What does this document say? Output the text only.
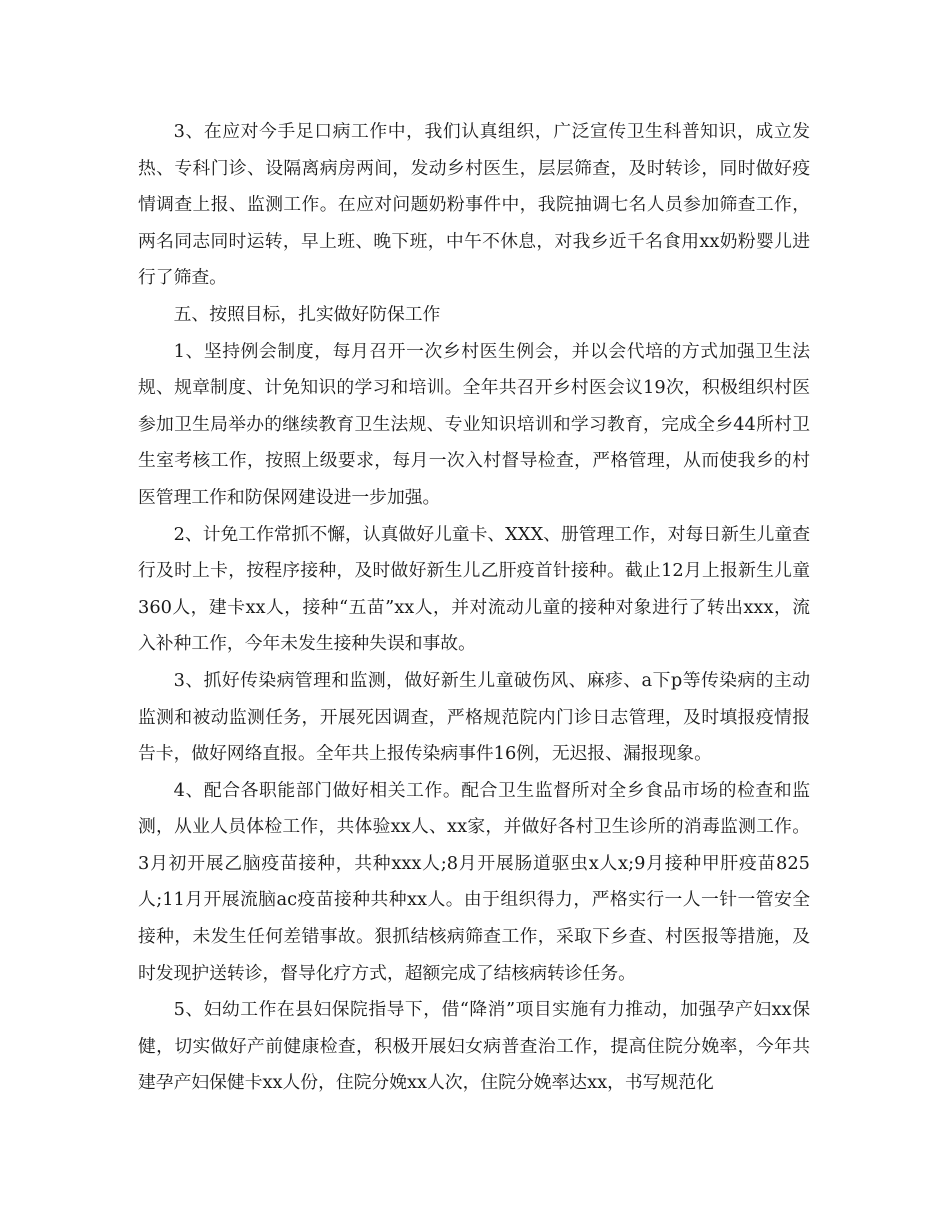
3、在应对今手足口病工作中，我们认真组织，广泛宣传卫生科普知识，成立发热、专科门诊、设隔离病房两间，发动乡村医生，层层筛查，及时转诊，同时做好疫情调查上报、监测工作。在应对问题奶粉事件中，我院抽调七名人员参加筛查工作，两名同志同时运转，早上班、晚下班，中午不休息，对我乡近千名食用xx奶粉婴儿进行了筛查。

五、按照目标，扎实做好防保工作

1、坚持例会制度，每月召开一次乡村医生例会，并以会代培的方式加强卫生法规、规章制度、计免知识的学习和培训。全年共召开乡村医会议19次，积极组织村医参加卫生局举办的继续教育卫生法规、专业知识培训和学习教育，完成全乡44所村卫生室考核工作，按照上级要求，每月一次入村督导检查，严格管理，从而使我乡的村医管理工作和防保网建设进一步加强。

2、计免工作常抓不懈，认真做好儿童卡、XXX、册管理工作，对每日新生儿童查行及时上卡，按程序接种，及时做好新生儿乙肝疫首针接种。截止12月上报新生儿童360人，建卡xx人，接种“五苗”xx人，并对流动儿童的接种对象进行了转出xxx，流入补种工作，今年未发生接种失误和事故。

3、抓好传染病管理和监测，做好新生儿童破伤风、麻疹、a下p等传染病的主动监测和被动监测任务，开展死因调查，严格规范院内门诊日志管理，及时填报疫情报告卡，做好网络直报。全年共上报传染病事件16例，无迟报、漏报现象。

4、配合各职能部门做好相关工作。配合卫生监督所对全乡食品市场的检查和监测，从业人员体检工作，共体验xx人、xx家，并做好各村卫生诊所的消毒监测工作。3月初开展乙脑疫苗接种，共种xxx人;8月开展肠道驱虫x人x;9月接种甲肝疫苗825人;11月开展流脑ac疫苗接种共种xx人。由于组织得力，严格实行一人一针一管安全接种，未发生任何差错事故。狠抓结核病筛查工作，采取下乡查、村医报等措施，及时发现护送转诊，督导化疗方式，超额完成了结核病转诊任务。

5、妇幼工作在县妇保院指导下，借“降消”项目实施有力推动，加强孕产妇xx保健，切实做好产前健康检查，积极开展妇女病普查治工作，提高住院分娩率，今年共建孕产妇保健卡xx人份，住院分娩xx人次，住院分娩率达xx，书写规范化
